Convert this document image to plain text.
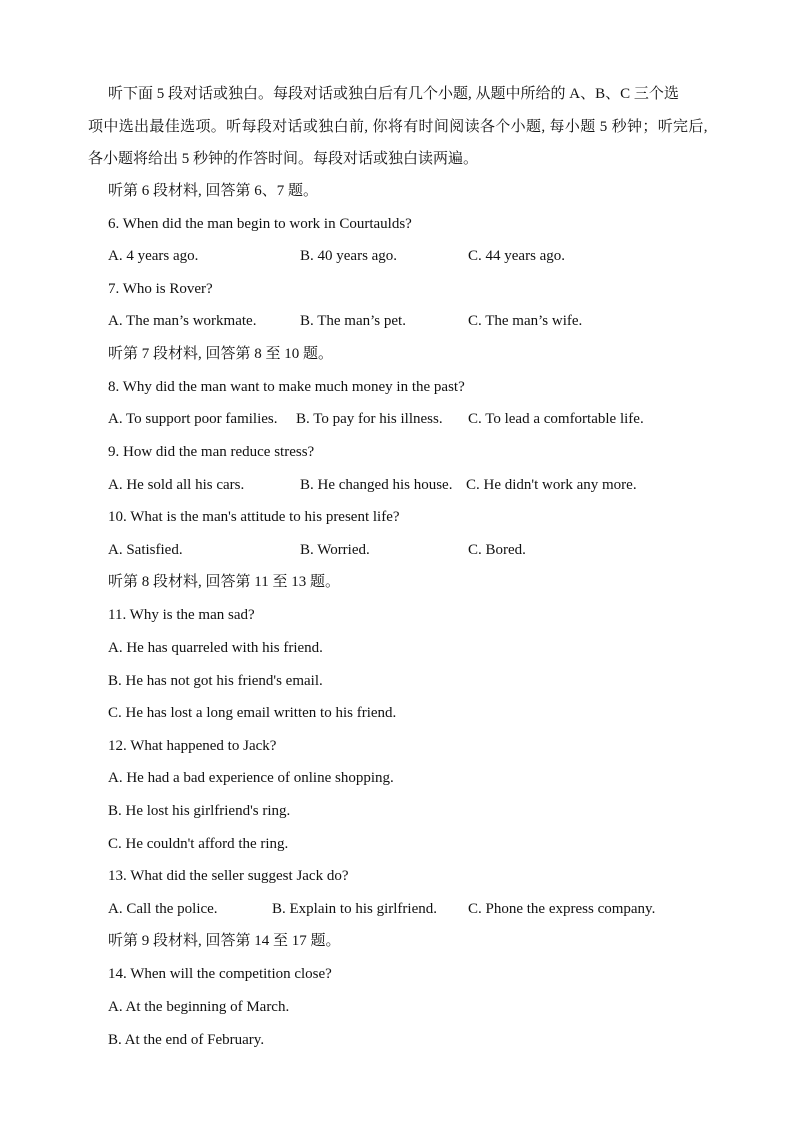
听下面 5 段对话或独白。每段对话或独白后有几个小题, 从题中所给的 A、B、C 三个选
项中选出最佳选项。听每段对话或独白前, 你将有时间阅读各个小题, 每小题 5 秒钟；听完后,
各小题将给出 5 秒钟的作答时间。每段对话或独白读两遍。
听第 6 段材料, 回答第 6、7 题。
6. When did the man begin to work in Courtaulds?
A. 4 years ago.	B. 40 years ago.	C. 44 years ago.
7. Who is Rover?
A. The man’s workmate.	B. The man’s pet.	C. The man’s wife.
听第 7 段材料, 回答第 8 至 10 题。
8. Why did the man want to make much money in the past?
A. To support poor families. B. To pay for his illness. C. To lead a comfortable life.
9. How did the man reduce stress?
A. He sold all his cars.	B. He changed his house. C. He didn't work any more.
10. What is the man's attitude to his present life?
A. Satisfied.	B. Worried.	C. Bored.
听第 8 段材料, 回答第 11 至 13 题。
11. Why is the man sad?
A. He has quarreled with his friend.
B. He has not got his friend's email.
C. He has lost a long email written to his friend.
12. What happened to Jack?
A. He had a bad experience of online shopping.
B. He lost his girlfriend's ring.
C. He couldn't afford the ring.
13. What did the seller suggest Jack do?
A. Call the police.	B. Explain to his girlfriend. C. Phone the express company.
听第 9 段材料, 回答第 14 至 17 题。
14. When will the competition close?
A. At the beginning of March.
B. At the end of February.
